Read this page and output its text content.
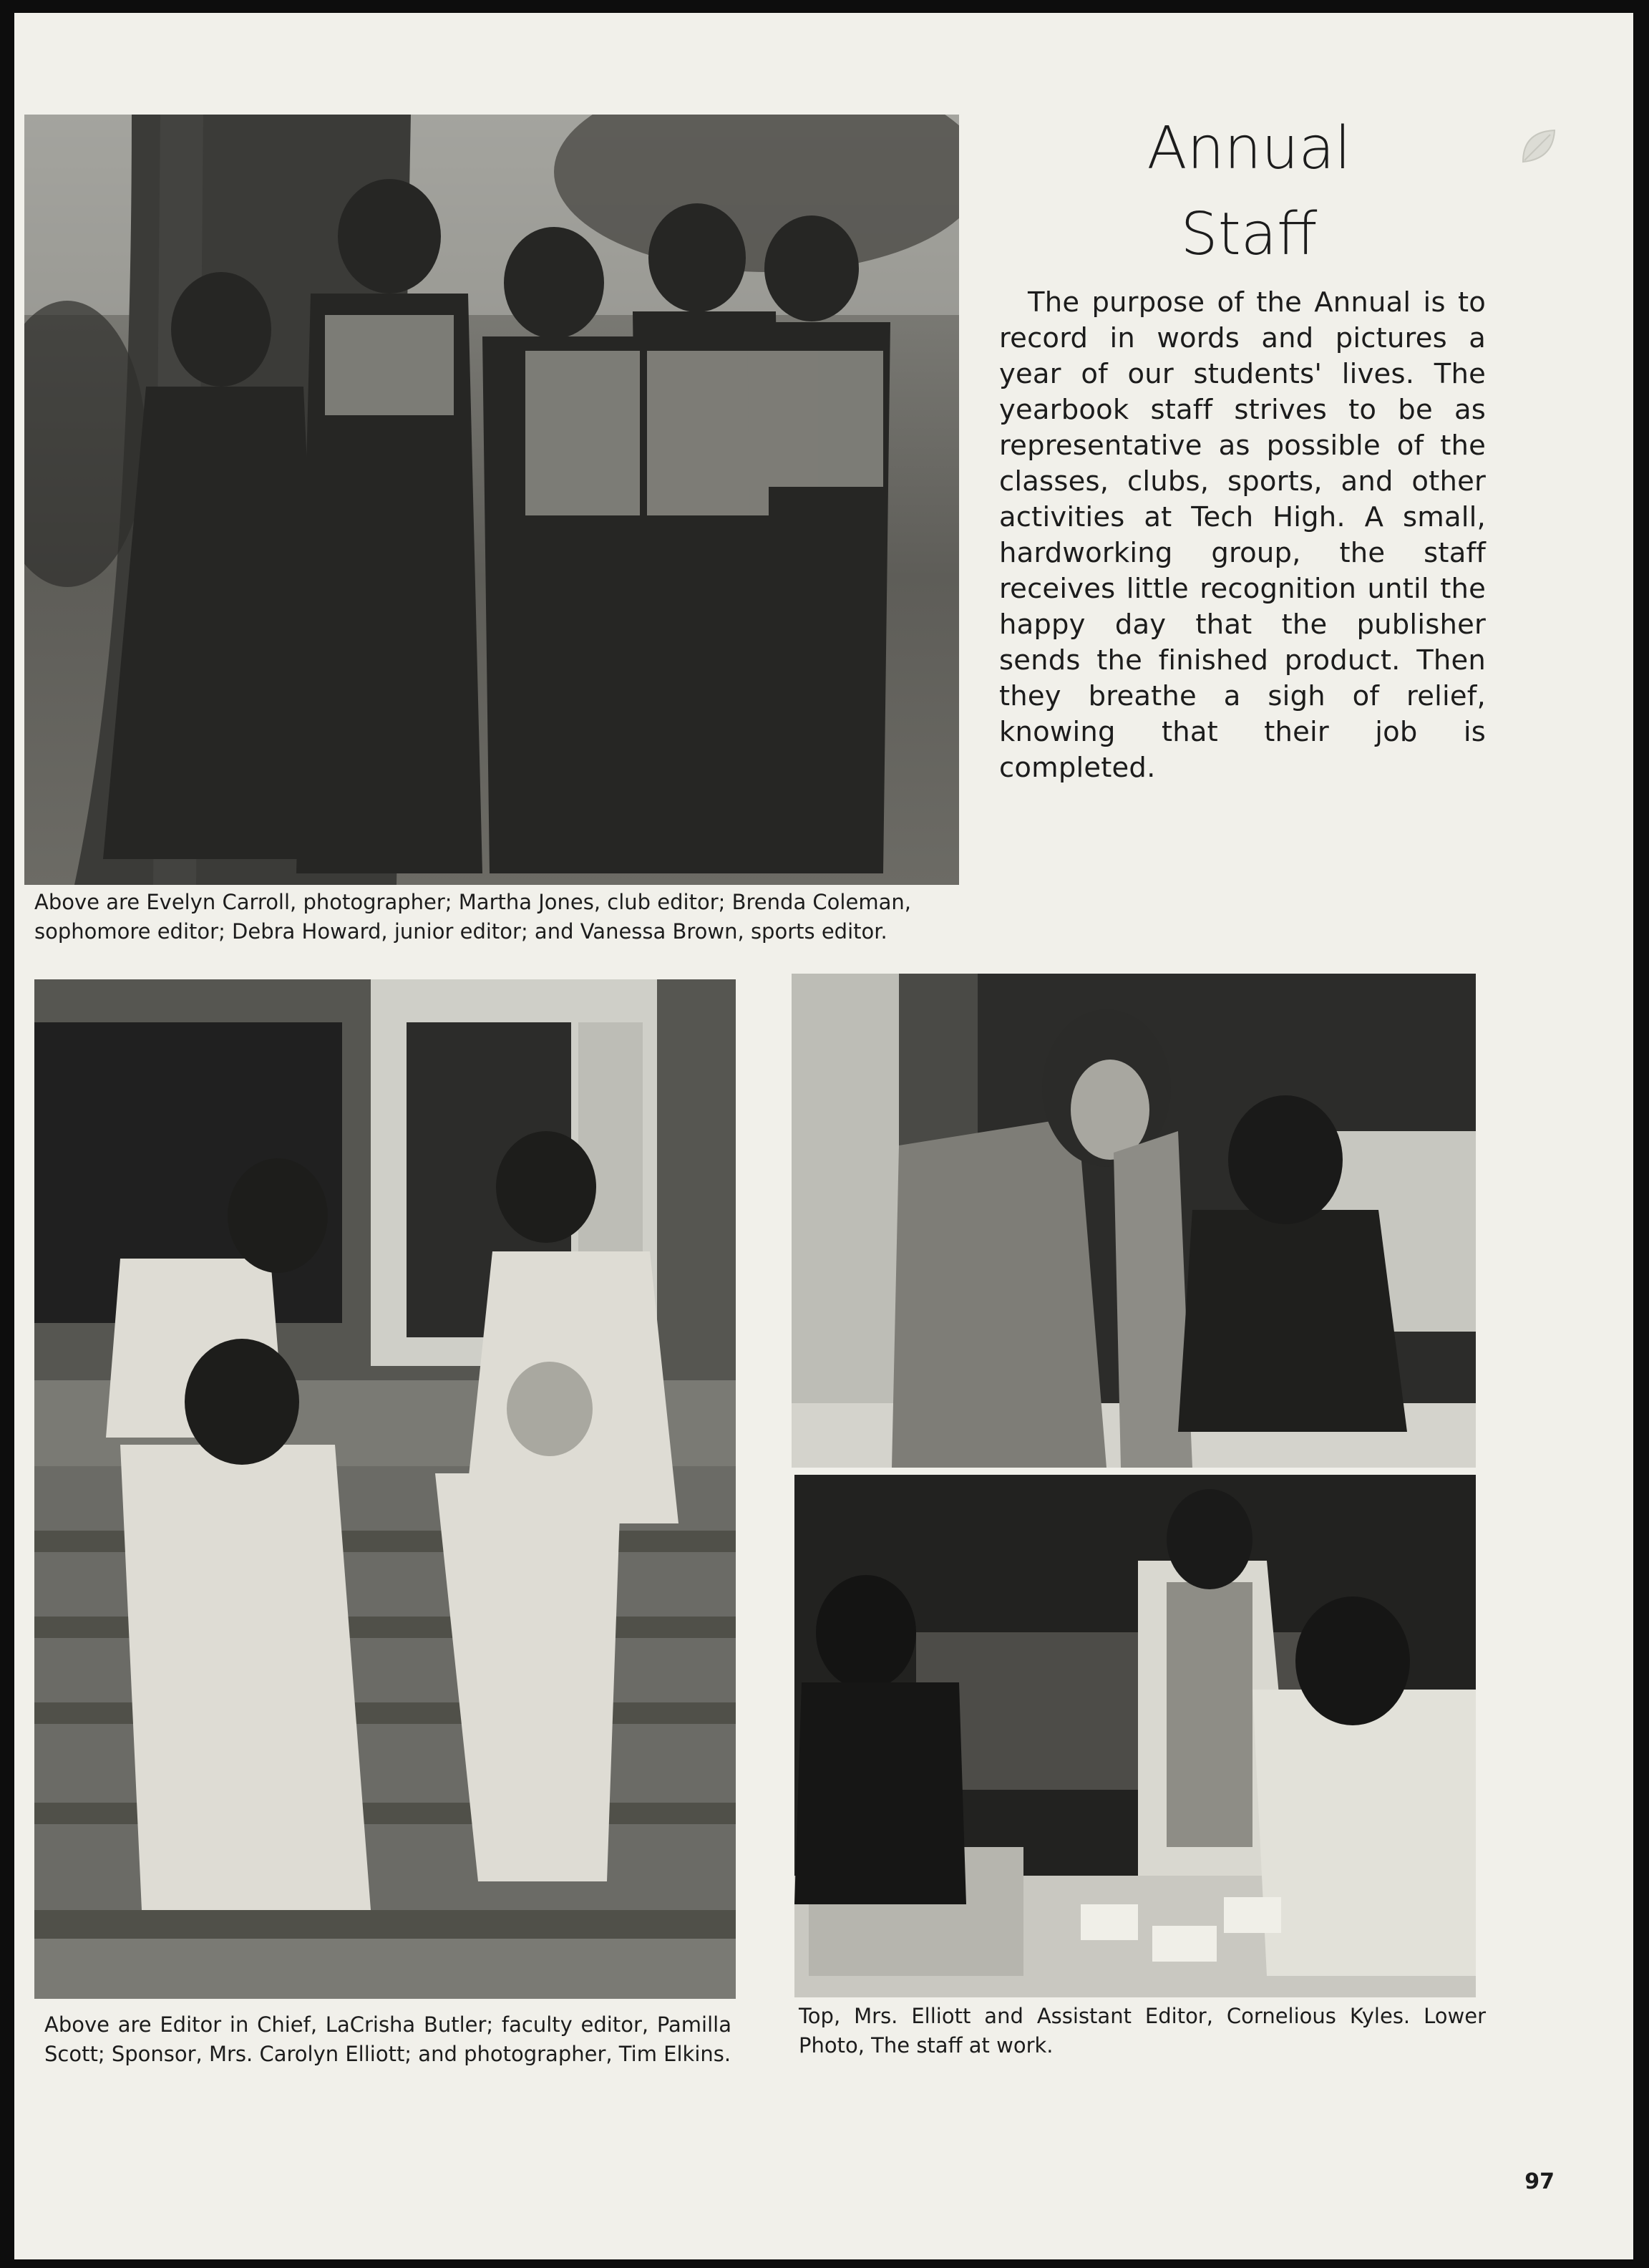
Above are Evelyn Carroll, photographer; Martha Jones, club editor; Brenda Coleman, sophomore editor; Debra Howard, junior editor; and Vanessa Brown, sports editor.

Annual
Staff

The purpose of the Annual is to record in words and pictures a year of our students' lives. The yearbook staff strives to be as representative as possible of the classes, clubs, sports, and other activities at Tech High. A small, hardworking group, the staff receives little recognition until the happy day that the publisher sends the finished product. Then they breathe a sigh of relief, knowing that their job is completed.

Above are Editor in Chief, LaCrisha Butler; faculty editor, Pamilla Scott; Sponsor, Mrs. Carolyn Elliott; and photographer, Tim Elkins.

Top, Mrs. Elliott and Assistant Editor, Cornelious Kyles. Lower Photo, The staff at work.

97
